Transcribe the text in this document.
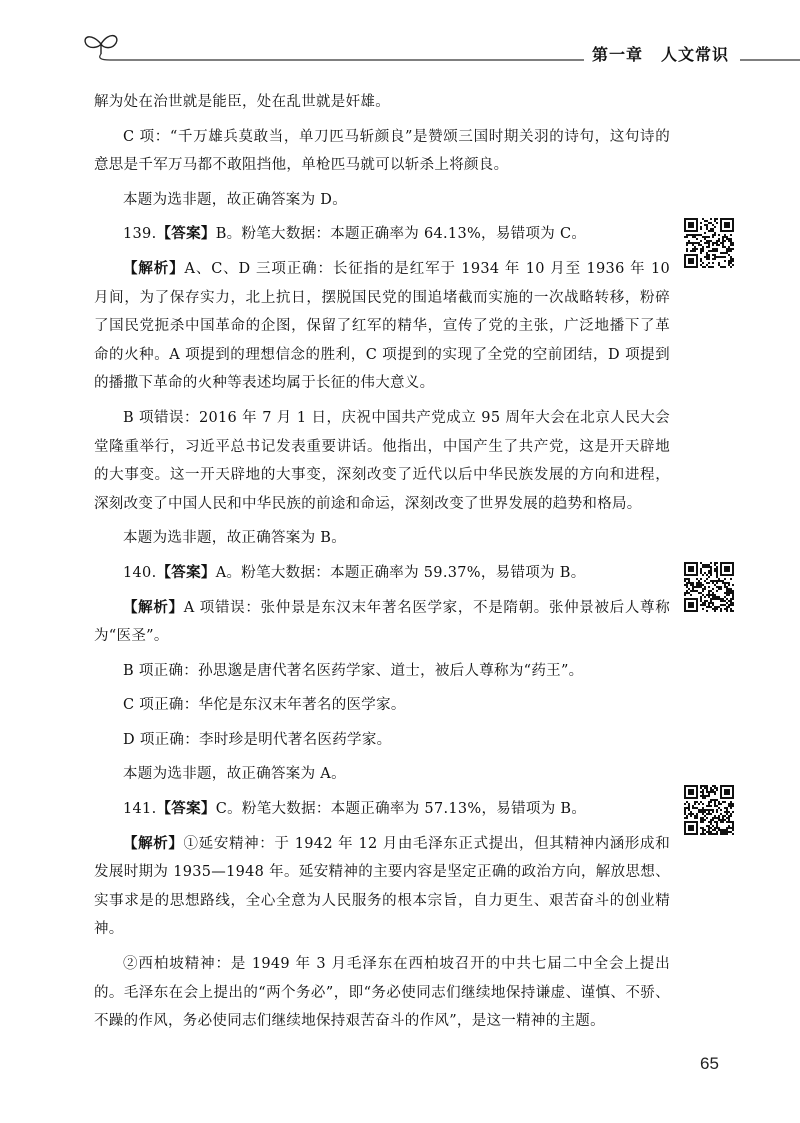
第一章 人文常识

解为处在治世就是能臣，处在乱世就是奸雄。

C 项：“千万雄兵莫敢当，单刀匹马斩颜良”是赞颂三国时期关羽的诗句，这句诗的意思是千军万马都不敢阻挡他，单枪匹马就可以斩杀上将颜良。

本题为选非题，故正确答案为 D。

139.【答案】B。粉笔大数据：本题正确率为 64.13%，易错项为 C。

【解析】A、C、D 三项正确：长征指的是红军于 1934 年 10 月至 1936 年 10 月间，为了保存实力，北上抗日，摆脱国民党的围追堵截而实施的一次战略转移，粉碎了国民党扼杀中国革命的企图，保留了红军的精华，宣传了党的主张，广泛地播下了革命的火种。A 项提到的理想信念的胜利，C 项提到的实现了全党的空前团结，D 项提到的播撒下革命的火种等表述均属于长征的伟大意义。

B 项错误：2016 年 7 月 1 日，庆祝中国共产党成立 95 周年大会在北京人民大会堂隆重举行，习近平总书记发表重要讲话。他指出，中国产生了共产党，这是开天辟地的大事变。这一开天辟地的大事变，深刻改变了近代以后中华民族发展的方向和进程，深刻改变了中国人民和中华民族的前途和命运，深刻改变了世界发展的趋势和格局。

本题为选非题，故正确答案为 B。

140.【答案】A。粉笔大数据：本题正确率为 59.37%，易错项为 B。

【解析】A 项错误：张仲景是东汉末年著名医学家，不是隋朝。张仲景被后人尊称为“医圣”。

B 项正确：孙思邈是唐代著名医药学家、道士，被后人尊称为“药王”。

C 项正确：华佗是东汉末年著名的医学家。

D 项正确：李时珍是明代著名医药学家。

本题为选非题，故正确答案为 A。

141.【答案】C。粉笔大数据：本题正确率为 57.13%，易错项为 B。

【解析】①延安精神：于 1942 年 12 月由毛泽东正式提出，但其精神内涵形成和发展时期为 1935—1948 年。延安精神的主要内容是坚定正确的政治方向，解放思想、实事求是的思想路线，全心全意为人民服务的根本宗旨，自力更生、艰苦奋斗的创业精神。

②西柏坡精神：是 1949 年 3 月毛泽东在西柏坡召开的中共七届二中全会上提出的。毛泽东在会上提出的“两个务必”，即“务必使同志们继续地保持谦虚、谨慎、不骄、不躁的作风，务必使同志们继续地保持艰苦奋斗的作风”，是这一精神的主题。

65
